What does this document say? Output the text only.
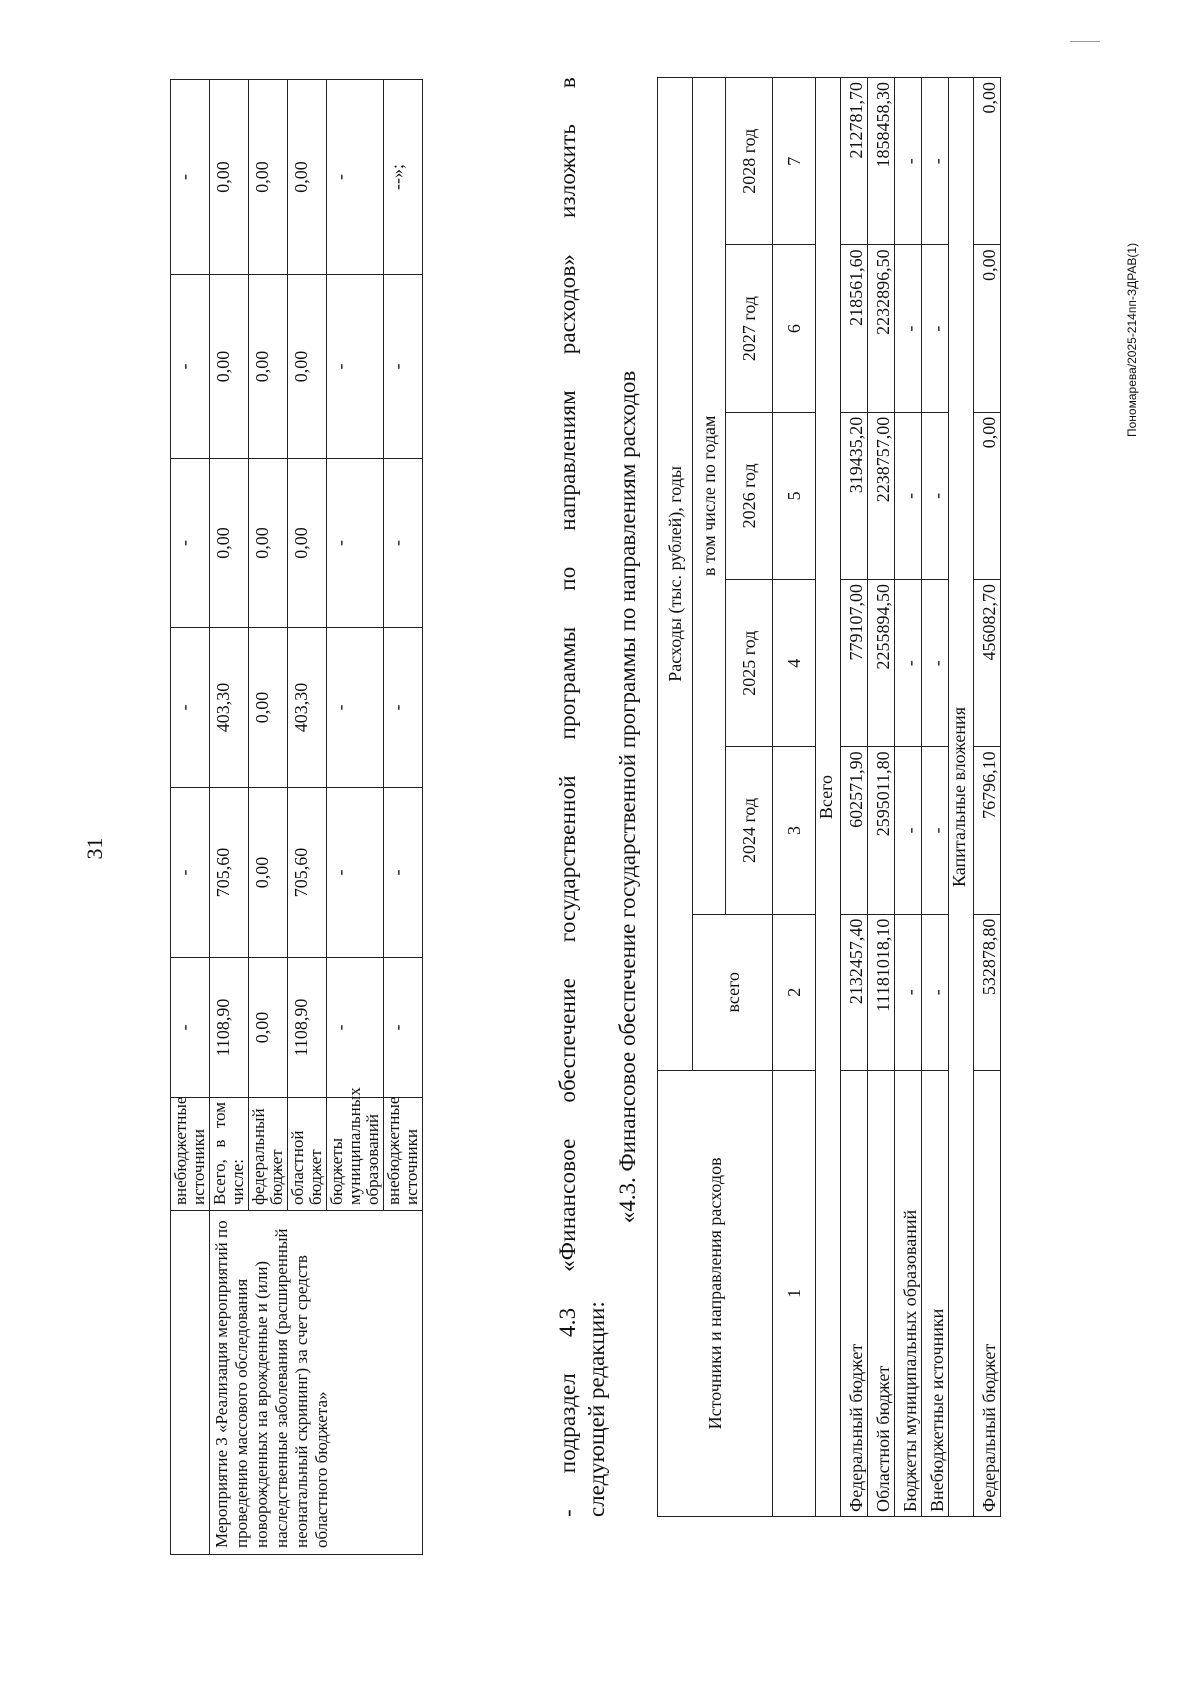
31
	внебюджетные источники	-	-	-	-	-	-
Мероприятие 3 «Реализация мероприятий по проведению массового обследования новорожденных на врожденные и (или) наследственные заболевания (расширенный неонатальный скрининг) за счет средств областного бюджета»	Всего, в том числе:	1108,90	705,60	403,30	0,00	0,00	0,00
	федеральный бюджет	0,00	0,00	0,00	0,00	0,00	0,00
	областной бюджет	1108,90	705,60	403,30	0,00	0,00	0,00
	бюджеты муниципальных образований	-	-	-	-	-	-
	внебюджетные источники	-	-	-	-	-	--»;	- подраздел 4.3 «Финансовое обеспечение государственной программы по направлениям расходов» изложить в следующей редакции:
«4.3. Финансовое обеспечение государственной программы по направлениям расходов
Источники и направления расходов	Расходы (тыс. рублей), годы					
	всего	в том числе по годам				
		2024 год	2025 год	2026 год	2027 год	2028 год
1	2	3	4	5	6	7
Всего						
Федеральный бюджет	2132457,40	602571,90	779107,00	319435,20	218561,60	212781,70
Областной бюджет	11181018,10	2595011,80	2255894,50	2238757,00	2232896,50	1858458,30
Бюджеты муниципальных образований	-	-	-	-	-	-
Внебюджетные источники	-	-	-	-	-	-
Капитальные вложения						
Федеральный бюджет	532878,80	76796,10	456082,70	0,00	0,00	0,00
Пономарева/2025-214пп-ЗДРАВ(1)
